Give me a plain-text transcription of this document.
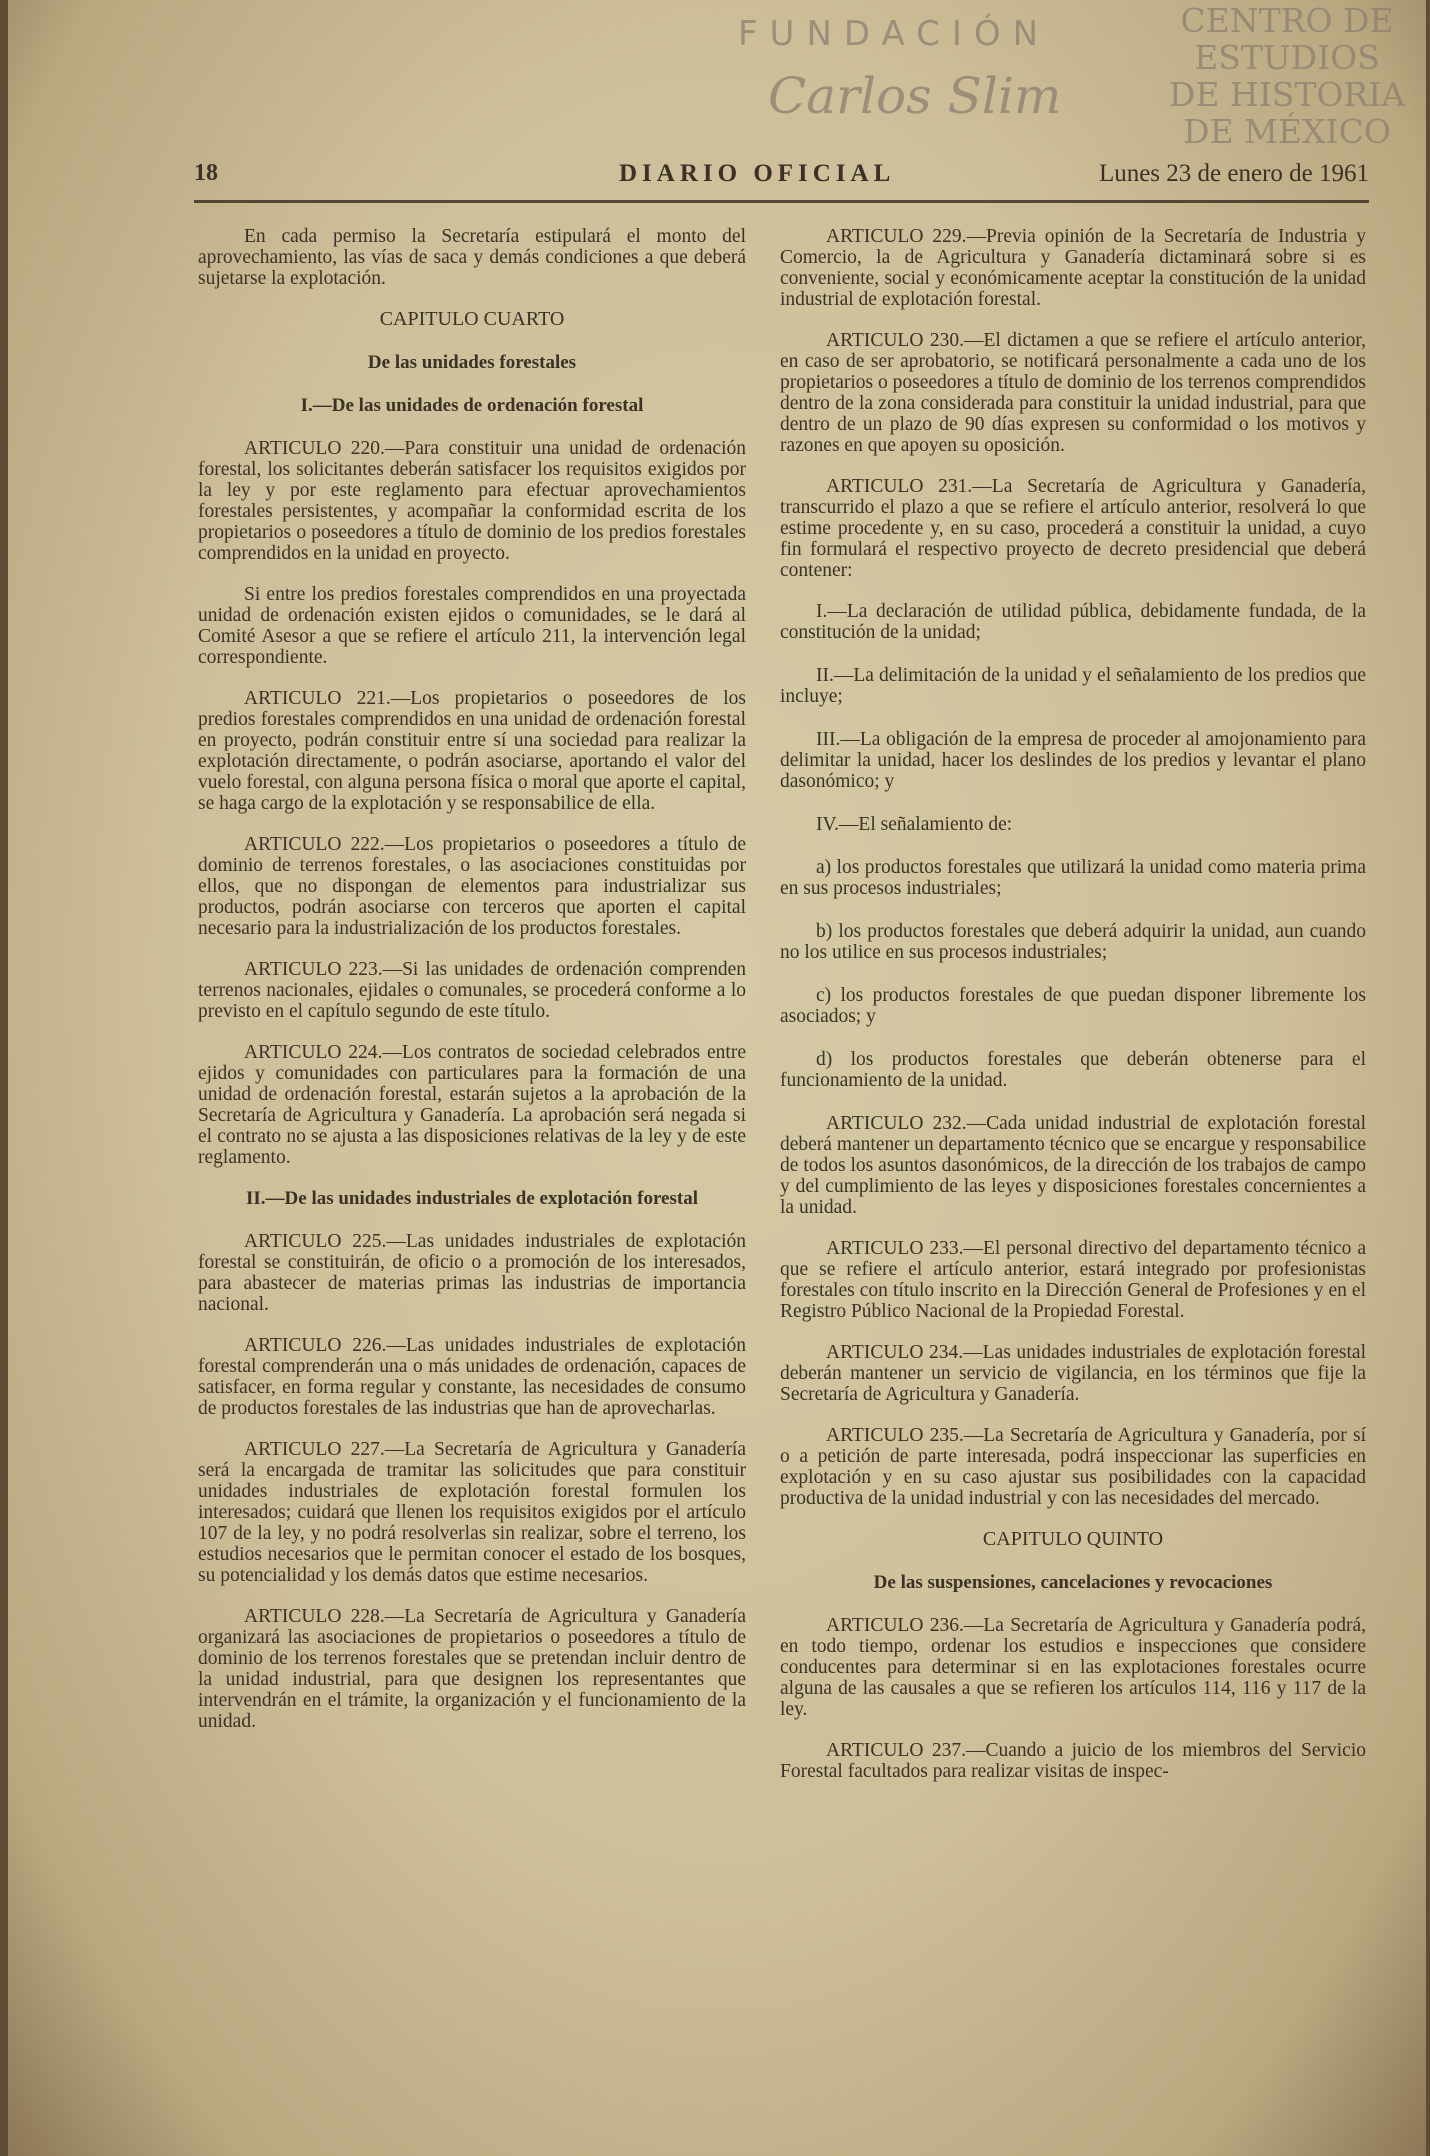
18	DIARIO OFICIAL	Lunes 23 de enero de 1961

En cada permiso la Secretaría estipulará el monto del aprovechamiento, las vías de saca y demás condiciones a que deberá sujetarse la explotación.

CAPITULO CUARTO

De las unidades forestales

I.—De las unidades de ordenación forestal

ARTICULO 220.—Para constituir una unidad de ordenación forestal, los solicitantes deberán satisfacer los requisitos exigidos por la ley y por este reglamento para efectuar aprovechamientos forestales persistentes, y acompañar la conformidad escrita de los propietarios o poseedores a título de dominio de los predios forestales comprendidos en la unidad en proyecto.

Si entre los predios forestales comprendidos en una proyectada unidad de ordenación existen ejidos o comunidades, se le dará al Comité Asesor a que se refiere el artículo 211, la intervención legal correspondiente.

ARTICULO 221.—Los propietarios o poseedores de los predios forestales comprendidos en una unidad de ordenación forestal en proyecto, podrán constituir entre sí una sociedad para realizar la explotación directamente, o podrán asociarse, aportando el valor del vuelo forestal, con alguna persona física o moral que aporte el capital, se haga cargo de la explotación y se responsabilice de ella.

ARTICULO 222.—Los propietarios o poseedores a título de dominio de terrenos forestales, o las asociaciones constituidas por ellos, que no dispongan de elementos para industrializar sus productos, podrán asociarse con terceros que aporten el capital necesario para la industrialización de los productos forestales.

ARTICULO 223.—Si las unidades de ordenación comprenden terrenos nacionales, ejidales o comunales, se procederá conforme a lo previsto en el capítulo segundo de este título.

ARTICULO 224.—Los contratos de sociedad celebrados entre ejidos y comunidades con particulares para la formación de una unidad de ordenación forestal, estarán sujetos a la aprobación de la Secretaría de Agricultura y Ganadería. La aprobación será negada si el contrato no se ajusta a las disposiciones relativas de la ley y de este reglamento.

II.—De las unidades industriales de explotación forestal

ARTICULO 225.—Las unidades industriales de explotación forestal se constituirán, de oficio o a promoción de los interesados, para abastecer de materias primas las industrias de importancia nacional.

ARTICULO 226.—Las unidades industriales de explotación forestal comprenderán una o más unidades de ordenación, capaces de satisfacer, en forma regular y constante, las necesidades de consumo de productos forestales de las industrias que han de aprovecharlas.

ARTICULO 227.—La Secretaría de Agricultura y Ganadería será la encargada de tramitar las solicitudes que para constituir unidades industriales de explotación forestal formulen los interesados; cuidará que llenen los requisitos exigidos por el artículo 107 de la ley, y no podrá resolverlas sin realizar, sobre el terreno, los estudios necesarios que le permitan conocer el estado de los bosques, su potencialidad y los demás datos que estime necesarios.

ARTICULO 228.—La Secretaría de Agricultura y Ganadería organizará las asociaciones de propietarios o poseedores a título de dominio de los terrenos forestales que se pretendan incluir dentro de la unidad industrial, para que designen los representantes que intervendrán en el trámite, la organización y el funcionamiento de la unidad.

ARTICULO 229.—Previa opinión de la Secretaría de Industria y Comercio, la de Agricultura y Ganadería dictaminará sobre si es conveniente, social y económicamente aceptar la constitución de la unidad industrial de explotación forestal.

ARTICULO 230.—El dictamen a que se refiere el artículo anterior, en caso de ser aprobatorio, se notificará personalmente a cada uno de los propietarios o poseedores a título de dominio de los terrenos comprendidos dentro de la zona considerada para constituir la unidad industrial, para que dentro de un plazo de 90 días expresen su conformidad o los motivos y razones en que apoyen su oposición.

ARTICULO 231.—La Secretaría de Agricultura y Ganadería, transcurrido el plazo a que se refiere el artículo anterior, resolverá lo que estime procedente y, en su caso, procederá a constituir la unidad, a cuyo fin formulará el respectivo proyecto de decreto presidencial que deberá contener:

I.—La declaración de utilidad pública, debidamente fundada, de la constitución de la unidad;

II.—La delimitación de la unidad y el señalamiento de los predios que incluye;

III.—La obligación de la empresa de proceder al amojonamiento para delimitar la unidad, hacer los deslindes de los predios y levantar el plano dasonómico; y

IV.—El señalamiento de:

a) los productos forestales que utilizará la unidad como materia prima en sus procesos industriales;

b) los productos forestales que deberá adquirir la unidad, aun cuando no los utilice en sus procesos industriales;

c) los productos forestales de que puedan disponer libremente los asociados; y

d) los productos forestales que deberán obtenerse para el funcionamiento de la unidad.

ARTICULO 232.—Cada unidad industrial de explotación forestal deberá mantener un departamento técnico que se encargue y responsabilice de todos los asuntos dasonómicos, de la dirección de los trabajos de campo y del cumplimiento de las leyes y disposiciones forestales concernientes a la unidad.

ARTICULO 233.—El personal directivo del departamento técnico a que se refiere el artículo anterior, estará integrado por profesionistas forestales con título inscrito en la Dirección General de Profesiones y en el Registro Público Nacional de la Propiedad Forestal.

ARTICULO 234.—Las unidades industriales de explotación forestal deberán mantener un servicio de vigilancia, en los términos que fije la Secretaría de Agricultura y Ganadería.

ARTICULO 235.—La Secretaría de Agricultura y Ganadería, por sí o a petición de parte interesada, podrá inspeccionar las superficies en explotación y en su caso ajustar sus posibilidades con la capacidad productiva de la unidad industrial y con las necesidades del mercado.

CAPITULO QUINTO

De las suspensiones, cancelaciones y revocaciones

ARTICULO 236.—La Secretaría de Agricultura y Ganadería podrá, en todo tiempo, ordenar los estudios e inspecciones que considere conducentes para determinar si en las explotaciones forestales ocurre alguna de las causales a que se refieren los artículos 114, 116 y 117 de la ley.

ARTICULO 237.—Cuando a juicio de los miembros del Servicio Forestal facultados para realizar visitas de inspec-

CENTRO DE
ESTUDIOS
DE HISTORIA
DE MÉXICO
FUNDACIÓN
Carlos Slim
